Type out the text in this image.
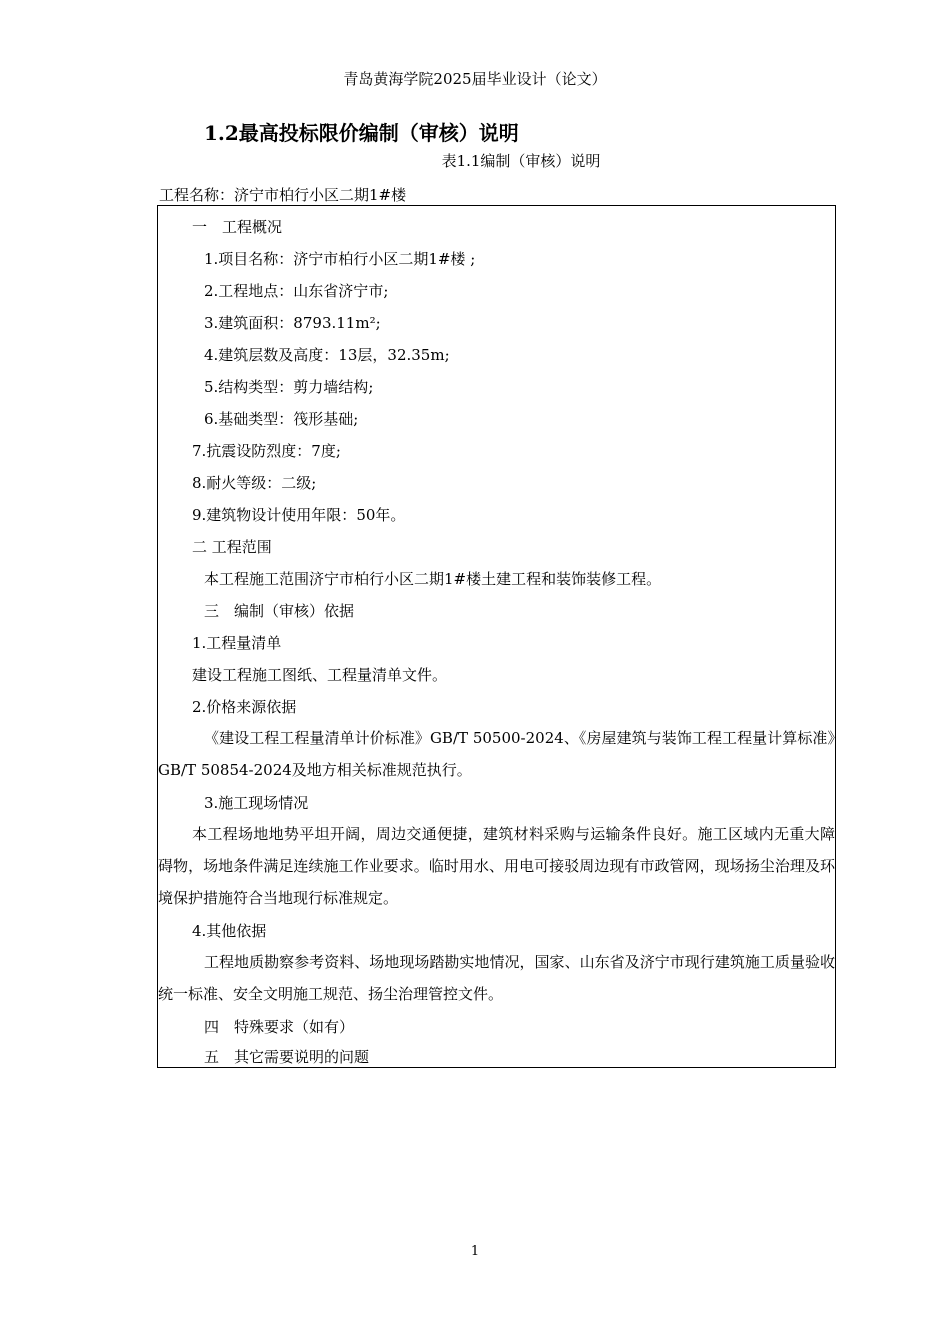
青岛黄海学院2025届毕业设计（论文）
1.2最高投标限价编制（审核）说明
表1.1编制（审核）说明
工程名称：济宁市柏行小区二期1#楼
一　工程概况
1.项目名称：济宁市柏行小区二期1#楼 ;
2.工程地点：山东省济宁市;
3.建筑面积：8793.11m²;
4.建筑层数及高度：13层，32.35m;
5.结构类型：剪力墙结构;
6.基础类型：筏形基础;
7.抗震设防烈度：7度;
8.耐火等级：二级;
9.建筑物设计使用年限：50年。
二 工程范围
本工程施工范围济宁市柏行小区二期1#楼土建工程和装饰装修工程。
三　编制（审核）依据
1.工程量清单
建设工程施工图纸、工程量清单文件。
2.价格来源依据
《建设工程工程量清单计价标准》GB/T 50500-2024、《房屋建筑与装饰工程工程量计算标准》GB/T 50854-2024及地方相关标准规范执行。
3.施工现场情况
本工程场地地势平坦开阔，周边交通便捷，建筑材料采购与运输条件良好。施工区域内无重大障碍物，场地条件满足连续施工作业要求。临时用水、用电可接驳周边现有市政管网，现场扬尘治理及环境保护措施符合当地现行标准规定。
4.其他依据
工程地质勘察参考资料、场地现场踏勘实地情况，国家、山东省及济宁市现行建筑施工质量验收统一标准、安全文明施工规范、扬尘治理管控文件。
四　特殊要求（如有）
五　其它需要说明的问题
1
